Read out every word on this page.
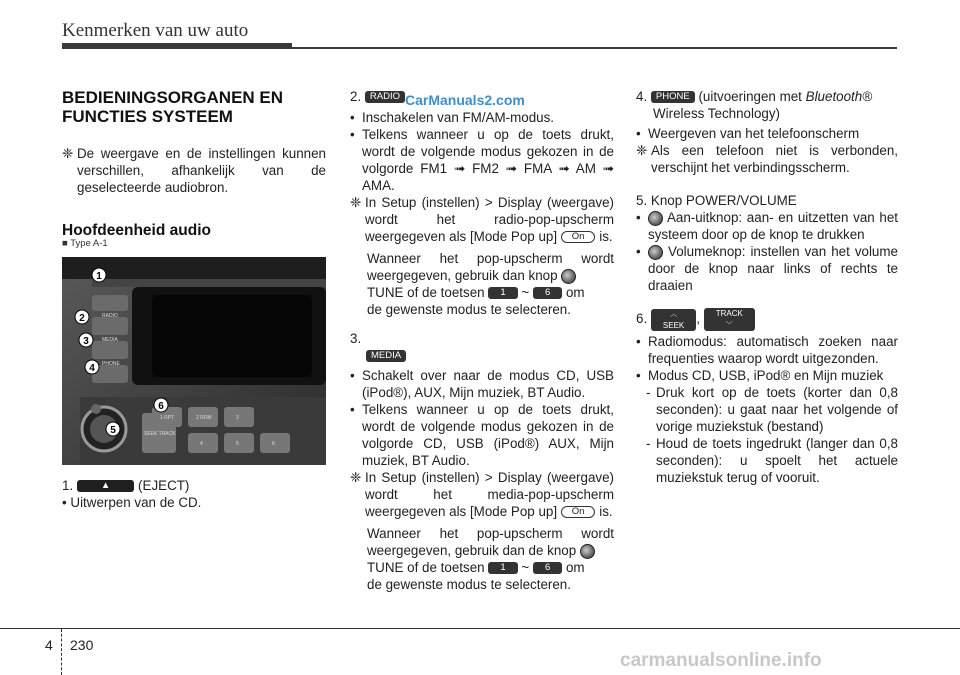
Kenmerken van uw auto

BEDIENINGSORGANEN EN
FUNCTIES SYSTEEM

❈ De weergave en de instellingen kunnen verschillen, afhankelijk van de geselecteerde audiobron.

Hoofdeenheid audio

■ Type A-1
1
2
3
4
5
6
RADIO
MEDIA
PHONE
SEEK TRACK
1 RPT	2 RDM	3
4	5	6

1.	▲ (EJECT)

• Uitwerpen van de CD.

2. RADIO

• Inschakelen van FM/AM-modus.
• Telkens wanneer u op de toets drukt, wordt de volgende modus gekozen in de volgorde FM1 ➟ FM2 ➟ FMA ➟ AM ➟ AMA.
❈ In Setup (instellen) > Display (weergave) wordt het radio-pop-upscherm weergegeven als [Mode Pop up] On is.

Wanneer het pop-upscherm wordt weergegeven, gebruik dan knop
TUNE of de toetsen 1 ~ 6 om
de gewenste modus te selecteren.

3.
MEDIA

• Schakelt over naar de modus CD, USB (iPod®), AUX, Mijn muziek, BT Audio.
• Telkens wanneer u op de toets drukt, wordt de volgende modus gekozen in de volgorde CD, USB (iPod®) AUX, Mijn muziek, BT Audio.
❈ In Setup (instellen) > Display (weergave) wordt het media-pop-upscherm weergegeven als [Mode Pop up] On is.

Wanneer het pop-upscherm wordt weergegeven, gebruik dan de knop
TUNE of de toetsen 1 ~ 6 om
de gewenste modus te selecteren.

4. PHONE (uitvoeringen met Bluetooth®
Wireless Technology)

• Weergeven van het telefoonscherm
❈ Als een telefoon niet is verbonden, verschijnt het verbindingsscherm.

5. Knop POWER/VOLUME

•	Aan-uitknop: aan- en uitzetten van het systeem door op de knop te drukken
•	Volumeknop: instellen van het volume door de knop naar links of rechts te draaien

6.	︿
SEEK , TRACK
﹀

• Radiomodus: automatisch zoeken naar frequenties waarop wordt uitgezonden.
• Modus CD, USB, iPod® en Mijn muziek
- Druk kort op de toets (korter dan 0,8 seconden): u gaat naar het volgende of vorige muziekstuk (bestand)
- Houd de toets ingedrukt (langer dan 0,8 seconden): u spoelt het actuele muziekstuk terug of vooruit.
CarManuals2.com
4 230
carmanualsonline.info
